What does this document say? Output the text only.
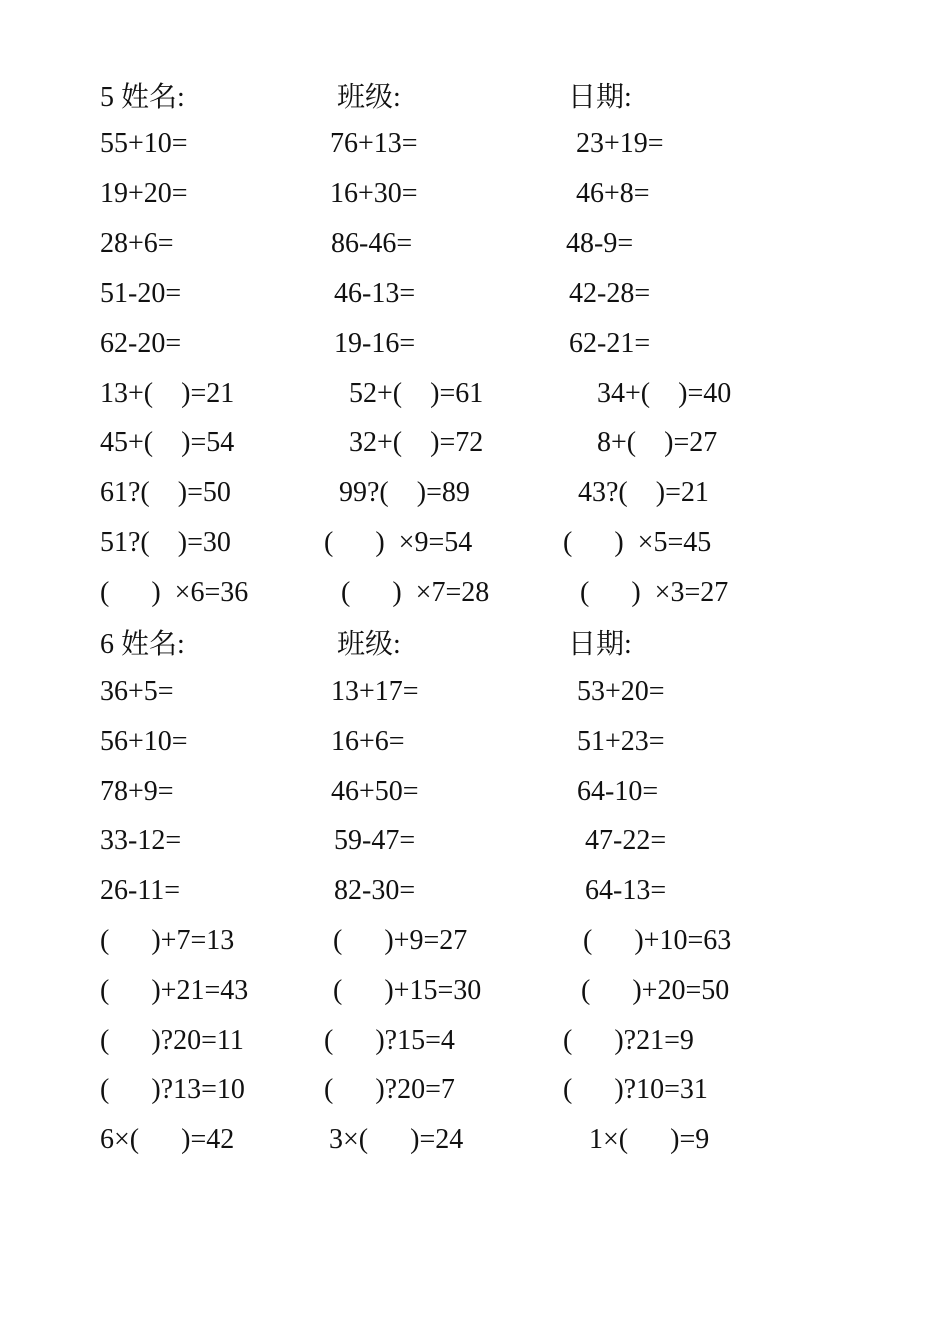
5 姓名:	班级:	日期:
55+10=	76+13=	23+19=
19+20=	16+30=	46+8=
28+6=	86-46=	48-9=
51-20=	46-13=	42-28=
62-20=	19-16=	62-21=
13+(    )=21	52+(    )=61	34+(    )=40
45+(    )=54	32+(    )=72	8+(    )=27
61?(    )=50	99?(    )=89	43?(    )=21
51?(    )=30	(      )  ×9=54	(      )  ×5=45
(      )  ×6=36	(      )  ×7=28	(      )  ×3=27
6 姓名:	班级:	日期:
36+5=	13+17=	53+20=
56+10=	16+6=	51+23=
78+9=	46+50=	64-10=
33-12=	59-47=	47-22=
26-11=	82-30=	64-13=
(      )+7=13	(      )+9=27	(      )+10=63
(      )+21=43	(      )+15=30	(      )+20=50
(      )?20=11	(      )?15=4	(      )?21=9
(      )?13=10	(      )?20=7	(      )?10=31
6×(      )=42	3×(      )=24	1×(      )=9
